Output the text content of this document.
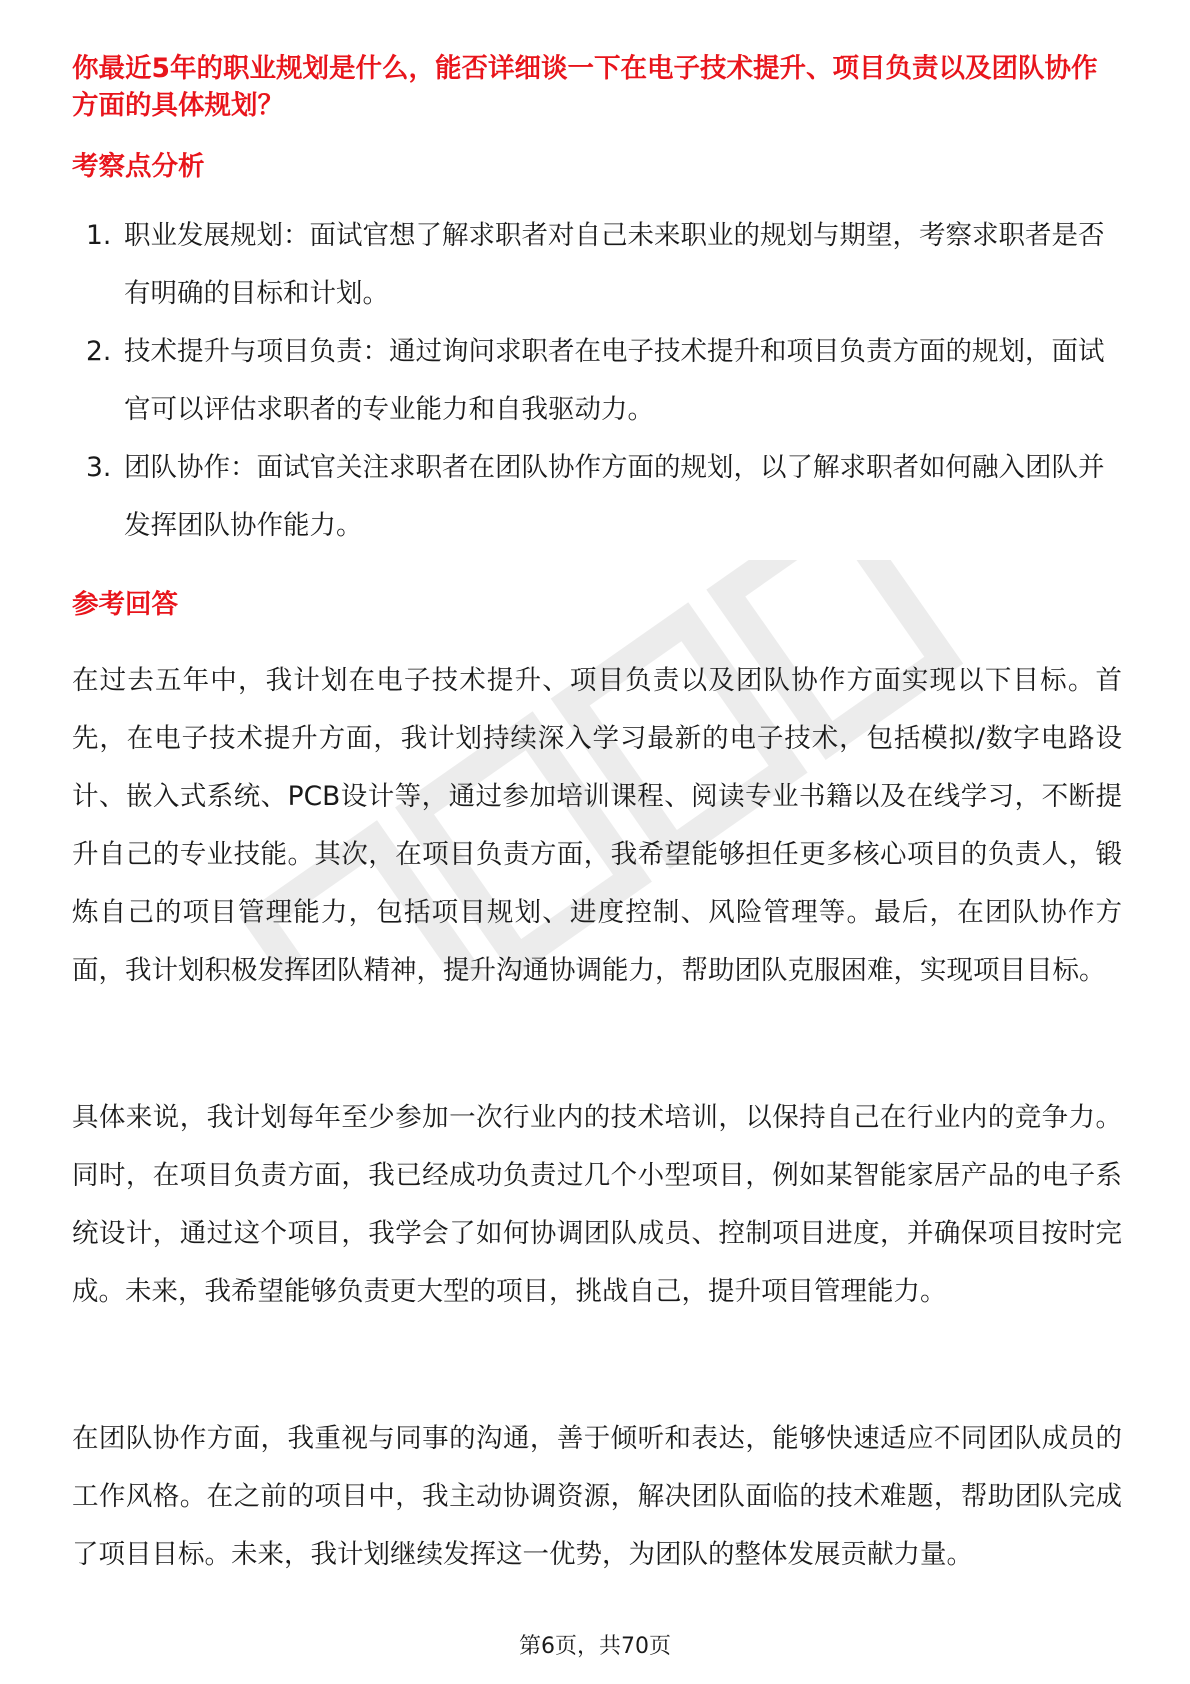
你最近5年的职业规划是什么，能否详细谈一下在电子技术提升、项目负责以及团队协作方面的具体规划？
考察点分析
1. 职业发展规划：面试官想了解求职者对自己未来职业的规划与期望，考察求职者是否有明确的目标和计划。
2. 技术提升与项目负责：通过询问求职者在电子技术提升和项目负责方面的规划，面试官可以评估求职者的专业能力和自我驱动力。
3. 团队协作：面试官关注求职者在团队协作方面的规划，以了解求职者如何融入团队并发挥团队协作能力。
参考回答

在过去五年中，我计划在电子技术提升、项目负责以及团队协作方面实现以下目标。首先，在电子技术提升方面，我计划持续深入学习最新的电子技术，包括模拟/数字电路设计、嵌入式系统、PCB设计等，通过参加培训课程、阅读专业书籍以及在线学习，不断提升自己的专业技能。其次，在项目负责方面，我希望能够担任更多核心项目的负责人，锻炼自己的项目管理能力，包括项目规划、进度控制、风险管理等。最后，在团队协作方面，我计划积极发挥团队精神，提升沟通协调能力，帮助团队克服困难，实现项目目标。

具体来说，我计划每年至少参加一次行业内的技术培训，以保持自己在行业内的竞争力。同时，在项目负责方面，我已经成功负责过几个小型项目，例如某智能家居产品的电子系统设计，通过这个项目，我学会了如何协调团队成员、控制项目进度，并确保项目按时完成。未来，我希望能够负责更大型的项目，挑战自己，提升项目管理能力。

在团队协作方面，我重视与同事的沟通，善于倾听和表达，能够快速适应不同团队成员的工作风格。在之前的项目中，我主动协调资源，解决团队面临的技术难题，帮助团队完成了项目目标。未来，我计划继续发挥这一优势，为团队的整体发展贡献力量。

第6页，共70页
